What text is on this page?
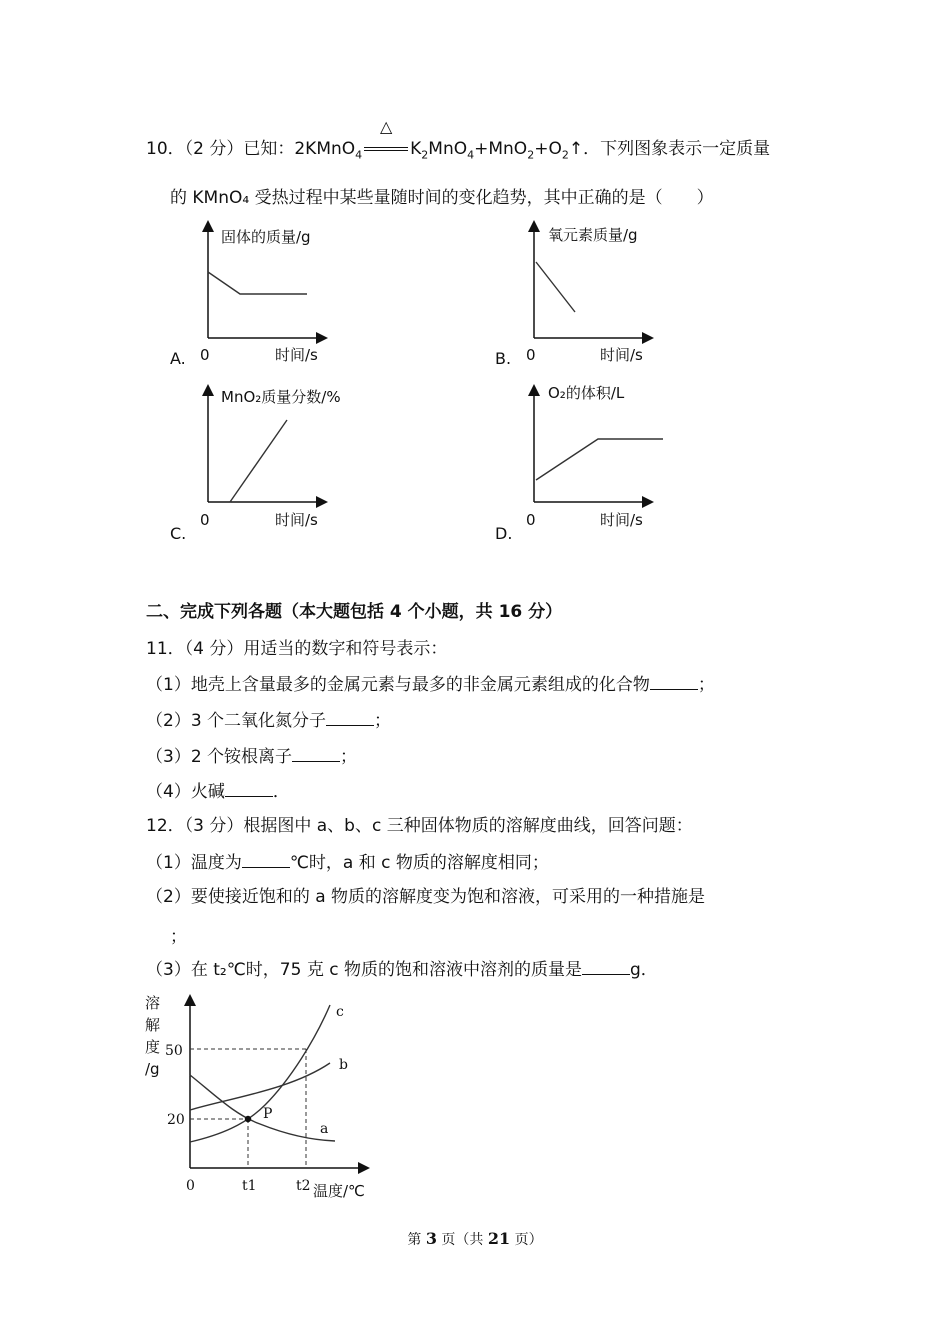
10．（2 分）已知：2KMnO$_4$
△
$K_2MnO_4+MnO_2+O_2↑$．下列图象表示一定质量
的 KMnO₄ 受热过程中某些量随时间的变化趋势，其中正确的是（　　）
固体的质量/g
时间/s
0
氧元素质量/g
时间/s
0
MnO₂质量分数/%
时间/s
0
O₂的体积/L
时间/s
0
溶
解
度
/g
50
20
0	t1	t2 温度/℃
a
b
c
P
A.	B.
C.	D.
二、完成下列各题（本大题包括 4 个小题，共 16 分）
11．（4 分）用适当的数字和符号表示：
（1）地壳上含量最多的金属元素与最多的非金属元素组成的化合物	；
（2）3 个二氧化氮分子	；
（3）2 个铵根离子	；
（4）火碱	．
12．（3 分）根据图中 a、b、c 三种固体物质的溶解度曲线，回答问题：
（1）温度为	℃时，a 和 c 物质的溶解度相同；
（2）要使接近饱和的 a 物质的溶解度变为饱和溶液，可采用的一种措施是
；
（3）在 t₂℃时，75 克 c 物质的饱和溶液中溶剂的质量是	g．
第 3 页（共 21 页）
